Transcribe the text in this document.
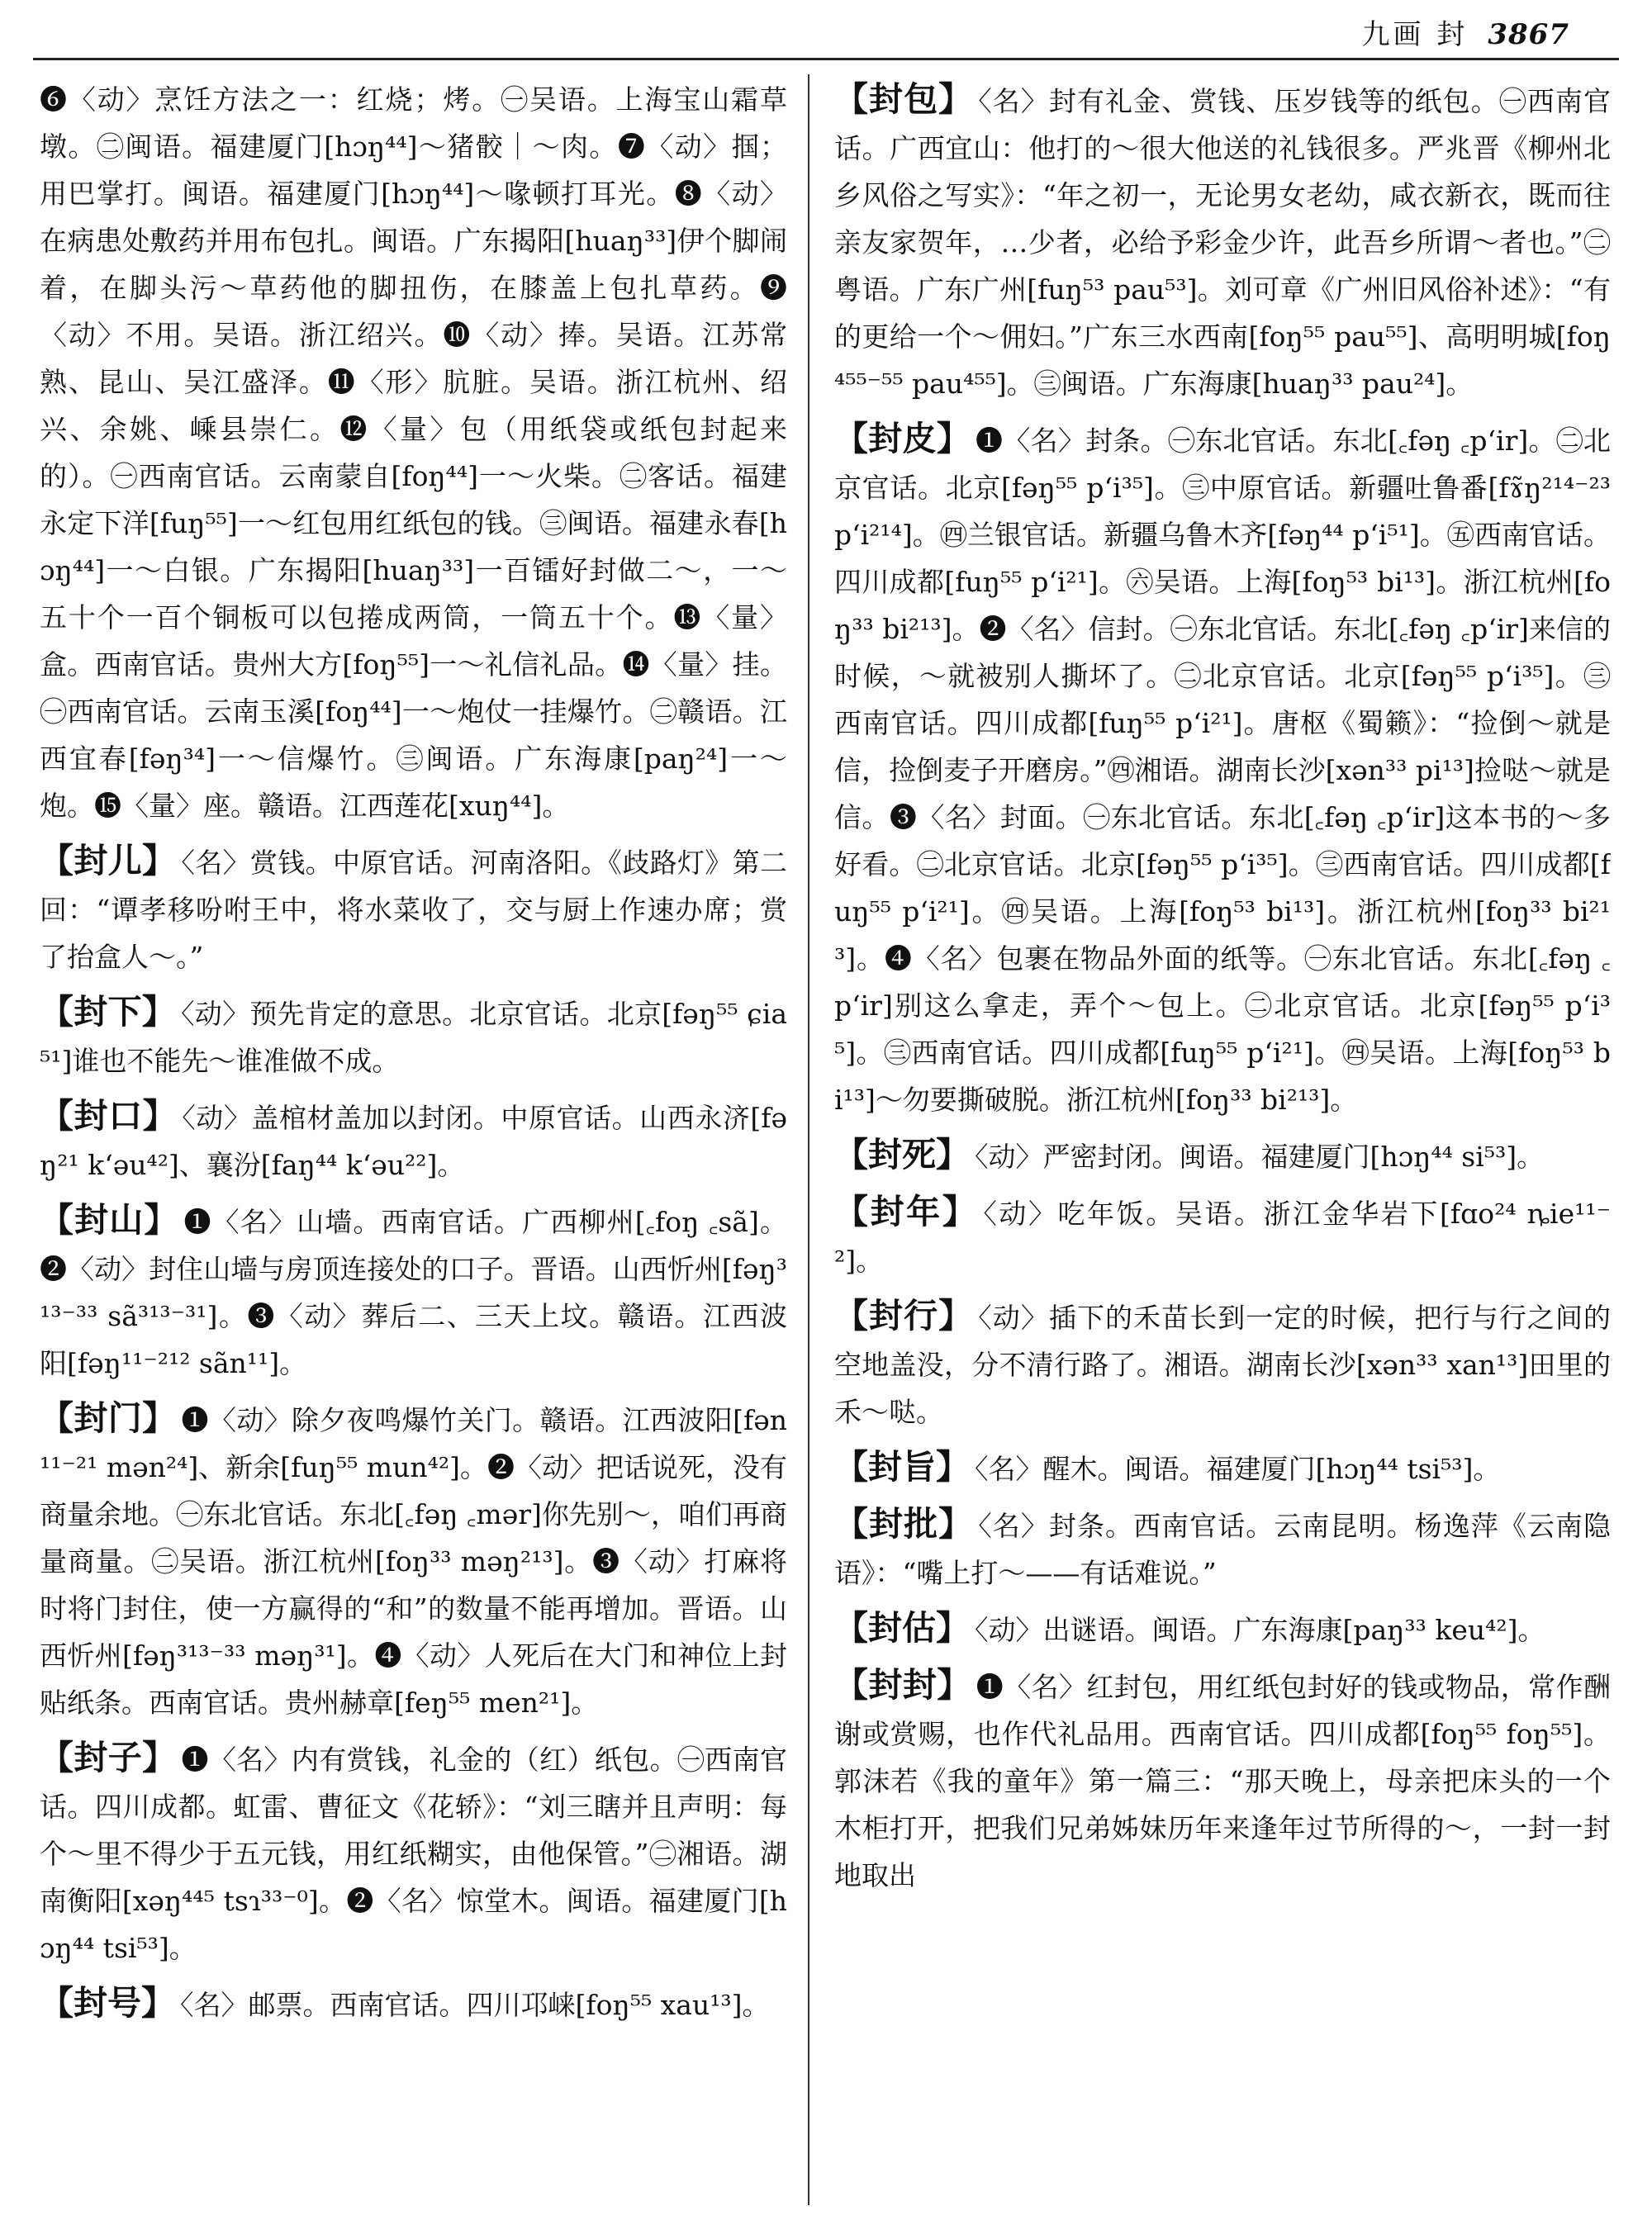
九画 封 3867

❻〈动〉烹饪方法之一：红烧；烤。㊀吴语。上海宝山霜草墩。㊁闽语。福建厦门[hɔŋ⁴⁴]～猪骹｜～肉。❼〈动〉掴；用巴掌打。闽语。福建厦门[hɔŋ⁴⁴]～喙顿打耳光。❽〈动〉在病患处敷药并用布包扎。闽语。广东揭阳[huaŋ³³]伊个脚闹着，在脚头污～草药他的脚扭伤，在膝盖上包扎草药。❾〈动〉不用。吴语。浙江绍兴。❿〈动〉捧。吴语。江苏常熟、昆山、吴江盛泽。⓫〈形〉肮脏。吴语。浙江杭州、绍兴、余姚、嵊县崇仁。⓬〈量〉包（用纸袋或纸包封起来的）。㊀西南官话。云南蒙自[foŋ⁴⁴]一～火柴。㊁客话。福建永定下洋[fuŋ⁵⁵]一～红包用红纸包的钱。㊂闽语。福建永春[hɔŋ⁴⁴]一～白银。广东揭阳[huaŋ³³]一百镭好封做二～，一～五十个一百个铜板可以包捲成两筒，一筒五十个。⓭〈量〉盒。西南官话。贵州大方[foŋ⁵⁵]一～礼信礼品。⓮〈量〉挂。㊀西南官话。云南玉溪[foŋ⁴⁴]一～炮仗一挂爆竹。㊁赣语。江西宜春[fəŋ³⁴]一～信爆竹。㊂闽语。广东海康[paŋ²⁴]一～炮。⓯〈量〉座。赣语。江西莲花[xuŋ⁴⁴]。

【封儿】 〈名〉赏钱。中原官话。河南洛阳。《歧路灯》第二回：“谭孝移吩咐王中，将水菜收了，交与厨上作速办席；赏了抬盒人～。”

【封下】 〈动〉预先肯定的意思。北京官话。北京[fəŋ⁵⁵ ɕia⁵¹]谁也不能先～谁准做不成。

【封口】 〈动〉盖棺材盖加以封闭。中原官话。山西永济[fəŋ²¹ k‘əu⁴²]、襄汾[faŋ⁴⁴ k‘əu²²]。

【封山】 ❶〈名〉山墙。西南官话。广西柳州[꜀foŋ ꜀sã]。❷〈动〉封住山墙与房顶连接处的口子。晋语。山西忻州[fəŋ³¹³⁻³³ sã³¹³⁻³¹]。❸〈动〉葬后二、三天上坟。赣语。江西波阳[fəŋ¹¹⁻²¹² sãn¹¹]。

【封门】 ❶〈动〉除夕夜鸣爆竹关门。赣语。江西波阳[fən¹¹⁻²¹ mən²⁴]、新余[fuŋ⁵⁵ mun⁴²]。❷〈动〉把话说死，没有商量余地。㊀东北官话。东北[꜀fəŋ ꜀mər]你先别～，咱们再商量商量。㊁吴语。浙江杭州[foŋ³³ məŋ²¹³]。❸〈动〉打麻将时将门封住，使一方赢得的“和”的数量不能再增加。晋语。山西忻州[fəŋ³¹³⁻³³ məŋ³¹]。❹〈动〉人死后在大门和神位上封贴纸条。西南官话。贵州赫章[feŋ⁵⁵ men²¹]。

【封子】 ❶〈名〉内有赏钱，礼金的（红）纸包。㊀西南官话。四川成都。虹雷、曹征文《花轿》：“刘三瞎并且声明：每个～里不得少于五元钱，用红纸糊实，由他保管。”㊁湘语。湖南衡阳[xəŋ⁴⁴⁵ tsɿ³³⁻⁰]。❷〈名〉惊堂木。闽语。福建厦门[hɔŋ⁴⁴ tsi⁵³]。

【封号】 〈名〉邮票。西南官话。四川邛崃[foŋ⁵⁵ xau¹³]。

【封包】 〈名〉封有礼金、赏钱、压岁钱等的纸包。㊀西南官话。广西宜山：他打的～很大他送的礼钱很多。严兆晋《柳州北乡风俗之写实》：“年之初一，无论男女老幼，咸衣新衣，既而往亲友家贺年，…少者，必给予彩金少许，此吾乡所谓～者也。”㊁粤语。广东广州[fuŋ⁵³ pau⁵³]。刘可章《广州旧风俗补述》：“有的更给一个～佣妇。”广东三水西南[foŋ⁵⁵ pau⁵⁵]、高明明城[foŋ⁴⁵⁵⁻⁵⁵ pau⁴⁵⁵]。㊂闽语。广东海康[huaŋ³³ pau²⁴]。

【封皮】 ❶〈名〉封条。㊀东北官话。东北[꜀fəŋ ꜀p‘ir]。㊁北京官话。北京[fəŋ⁵⁵ p‘i³⁵]。㊂中原官话。新疆吐鲁番[fɤ̃ŋ²¹⁴⁻²³ p‘i²¹⁴]。㊃兰银官话。新疆乌鲁木齐[fəŋ⁴⁴ p‘i⁵¹]。㊄西南官话。四川成都[fuŋ⁵⁵ p‘i²¹]。㊅吴语。上海[foŋ⁵³ bi¹³]。浙江杭州[foŋ³³ bi²¹³]。❷〈名〉信封。㊀东北官话。东北[꜀fəŋ ꜀p‘ir]来信的时候，～就被别人撕坏了。㊁北京官话。北京[fəŋ⁵⁵ p‘i³⁵]。㊂西南官话。四川成都[fuŋ⁵⁵ p‘i²¹]。唐枢《蜀籁》：“捡倒～就是信，捡倒麦子开磨房。”㊃湘语。湖南长沙[xən³³ pi¹³]捡哒～就是信。❸〈名〉封面。㊀东北官话。东北[꜀fəŋ ꜀p‘ir]这本书的～多好看。㊁北京官话。北京[fəŋ⁵⁵ p‘i³⁵]。㊂西南官话。四川成都[fuŋ⁵⁵ p‘i²¹]。㊃吴语。上海[foŋ⁵³ bi¹³]。浙江杭州[foŋ³³ bi²¹³]。❹〈名〉包裹在物品外面的纸等。㊀东北官话。东北[꜀fəŋ ꜀p‘ir]别这么拿走，弄个～包上。㊁北京官话。北京[fəŋ⁵⁵ p‘i³⁵]。㊂西南官话。四川成都[fuŋ⁵⁵ p‘i²¹]。㊃吴语。上海[foŋ⁵³ bi¹³]～勿要撕破脱。浙江杭州[foŋ³³ bi²¹³]。

【封死】 〈动〉严密封闭。闽语。福建厦门[hɔŋ⁴⁴ si⁵³]。

【封年】 〈动〉吃年饭。吴语。浙江金华岩下[fɑo²⁴ ȵie¹¹⁻²]。

【封行】 〈动〉插下的禾苗长到一定的时候，把行与行之间的空地盖没，分不清行路了。湘语。湖南长沙[xən³³ xan¹³]田里的禾～哒。

【封旨】 〈名〉醒木。闽语。福建厦门[hɔŋ⁴⁴ tsi⁵³]。

【封批】 〈名〉封条。西南官话。云南昆明。杨逸萍《云南隐语》：“嘴上打～——有话难说。”

【封估】 〈动〉出谜语。闽语。广东海康[paŋ³³ keu⁴²]。

【封封】 ❶〈名〉红封包，用红纸包封好的钱或物品，常作酬谢或赏赐，也作代礼品用。西南官话。四川成都[foŋ⁵⁵ foŋ⁵⁵]。郭沫若《我的童年》第一篇三：“那天晚上，母亲把床头的一个木柜打开，把我们兄弟姊妹历年来逢年过节所得的～，一封一封地取出
